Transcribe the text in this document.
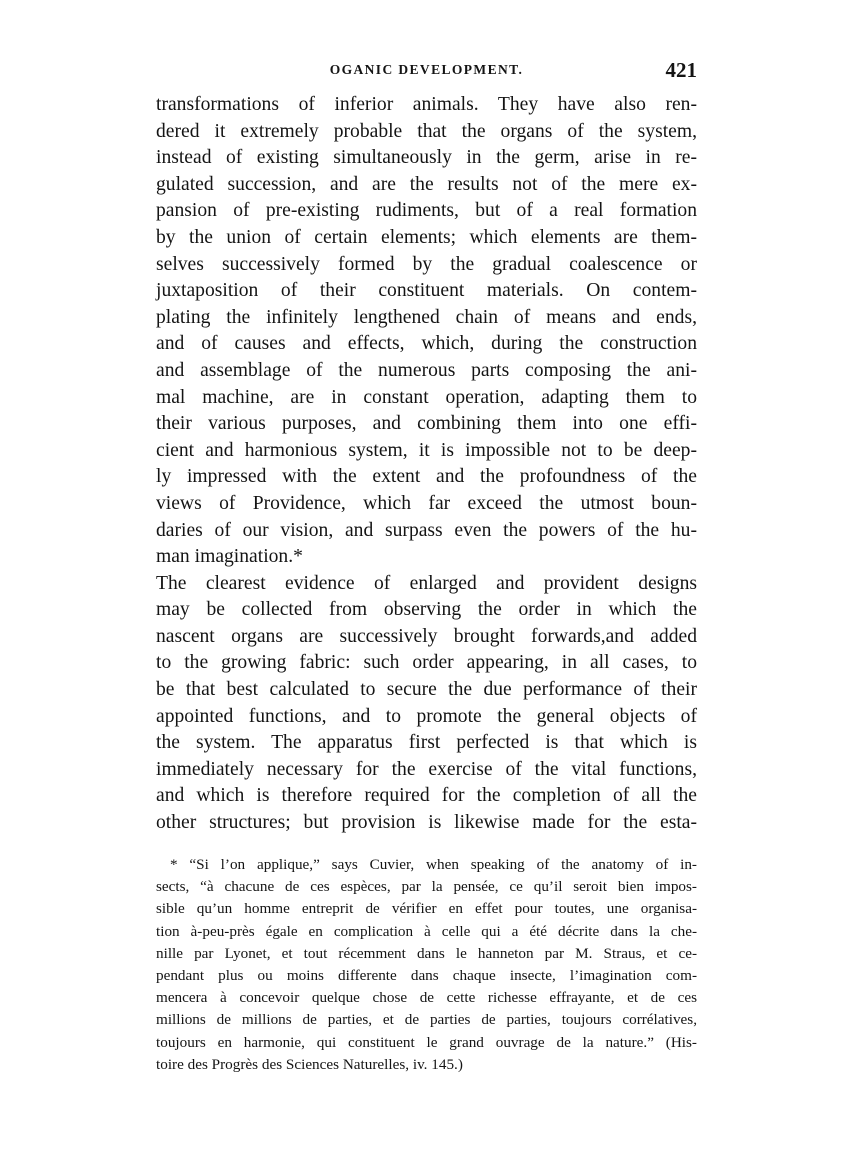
OGANIC DEVELOPMENT.	421

transformations of inferior animals. They have also ren-
dered it extremely probable that the organs of the system,
instead of existing simultaneously in the germ, arise in re-
gulated succession, and are the results not of the mere ex-
pansion of pre-existing rudiments, but of a real formation
by the union of certain elements; which elements are them-
selves successively formed by the gradual coalescence or
juxtaposition of their constituent materials. On contem-
plating the infinitely lengthened chain of means and ends,
and of causes and effects, which, during the construction
and assemblage of the numerous parts composing the ani-
mal machine, are in constant operation, adapting them to
their various purposes, and combining them into one effi-
cient and harmonious system, it is impossible not to be deep-
ly impressed with the extent and the profoundness of the
views of Providence, which far exceed the utmost boun-
daries of our vision, and surpass even the powers of the hu-
man imagination.*

The clearest evidence of enlarged and provident designs
may be collected from observing the order in which the
nascent organs are successively brought forwards,and added
to the growing fabric: such order appearing, in all cases, to
be that best calculated to secure the due performance of their
appointed functions, and to promote the general objects of
the system. The apparatus first perfected is that which is
immediately necessary for the exercise of the vital functions,
and which is therefore required for the completion of all the
other structures; but provision is likewise made for the esta-

* “Si l’on applique,” says Cuvier, when speaking of the anatomy of in-
sects, “à chacune de ces espèces, par la pensée, ce qu’il seroit bien impos-
sible qu’un homme entreprit de vérifier en effet pour toutes, une organisa-
tion à-peu-près égale en complication à celle qui a été décrite dans la che-
nille par Lyonet, et tout récemment dans le hanneton par M. Straus, et ce-
pendant plus ou moins differente dans chaque insecte, l’imagination com-
mencera à concevoir quelque chose de cette richesse effrayante, et de ces
millions de millions de parties, et de parties de parties, toujours corrélatives,
toujours en harmonie, qui constituent le grand ouvrage de la nature.” (His-
toire des Progrès des Sciences Naturelles, iv. 145.)
